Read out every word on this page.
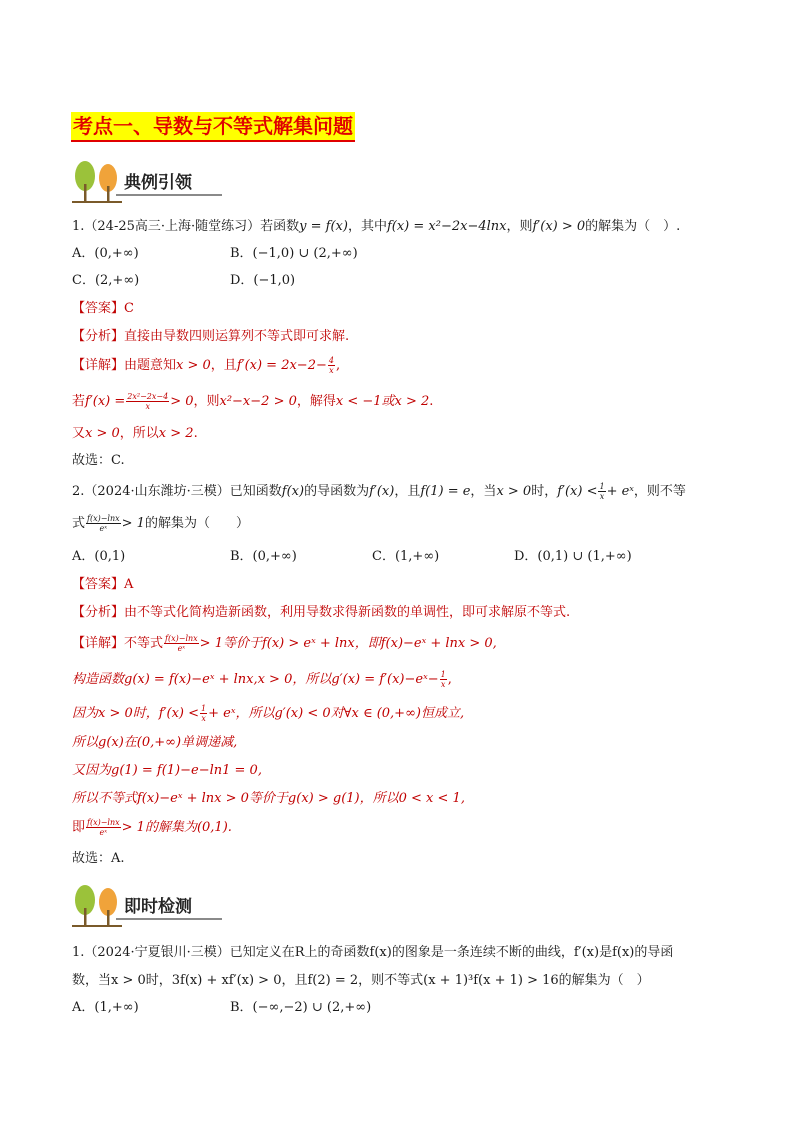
考点一、导数与不等式解集问题
典例引领
1.（24-25高三·上海·随堂练习）若函数y = f(x)，其中f(x) = x²−2x−4lnx，则f′(x) > 0的解集为（　）.
A．(0,+∞)	B．(−1,0) ∪ (2,+∞)
C．(2,+∞)	D．(−1,0)
【答案】C
【分析】直接由导数四则运算列不等式即可求解.
【详解】由题意知x > 0，且$f'(x) = 2x-2- \frac{4}{x}$ ,
若$f'(x) = \frac{\text{2x²−2x−4}}{x} > 0$，则x²−x−2 > 0，解得x < −1或x > 2.
又x > 0，所以x > 2.
故选：C.
2.（2024·山东潍坊·三模）已知函数f(x)的导函数为f′(x)，且f(1) = e，当x > 0时，$f'(x) < \frac{1}{x}$ + eˣ，则不等
式 $\frac{f(x)-\ln x}{\text{eˣ}} > 1$的解集为（　　）
A．(0,1)	B．(0,+∞)	C．(1,+∞)	D．(0,1) ∪ (1,+∞)
【答案】A
【分析】由不等式化简构造新函数，利用导数求得新函数的单调性，即可求解原不等式.
【详解】不等式 $\frac{f(x)-\ln x}{\text{eˣ}} > 1$等价于f(x) > eˣ + lnx，即f(x)−eˣ + lnx > 0,
构造函数g(x) = f(x)−eˣ + lnx,x > 0，所以g′(x) = f′(x)−eˣ− $\frac{1}{x}$ ,
因为x > 0时，$f'(x) < \frac{1}{x}$ + eˣ，所以g′(x) < 0对∀x ∈ (0,+∞)恒成立,
所以g(x)在(0,+∞)单调递减,
又因为g(1) = f(1)−e−ln1 = 0,
所以不等式f(x)−eˣ + lnx > 0等价于g(x) > g(1)，所以0 < x < 1,
即 $\frac{f(x)-\ln x}{\text{eˣ}} > 1$的解集为(0,1).
故选：A.
即时检测
1.（2024·宁夏银川·三模）已知定义在R上的奇函数f(x)的图象是一条连续不断的曲线，f′(x)是f(x)的导函
数，当x > 0时，3f(x) + xf′(x) > 0，且f(2) = 2，则不等式(x + 1)³f(x + 1) > 16的解集为（　）
A．(1,+∞)	B．(−∞,−2) ∪ (2,+∞)
